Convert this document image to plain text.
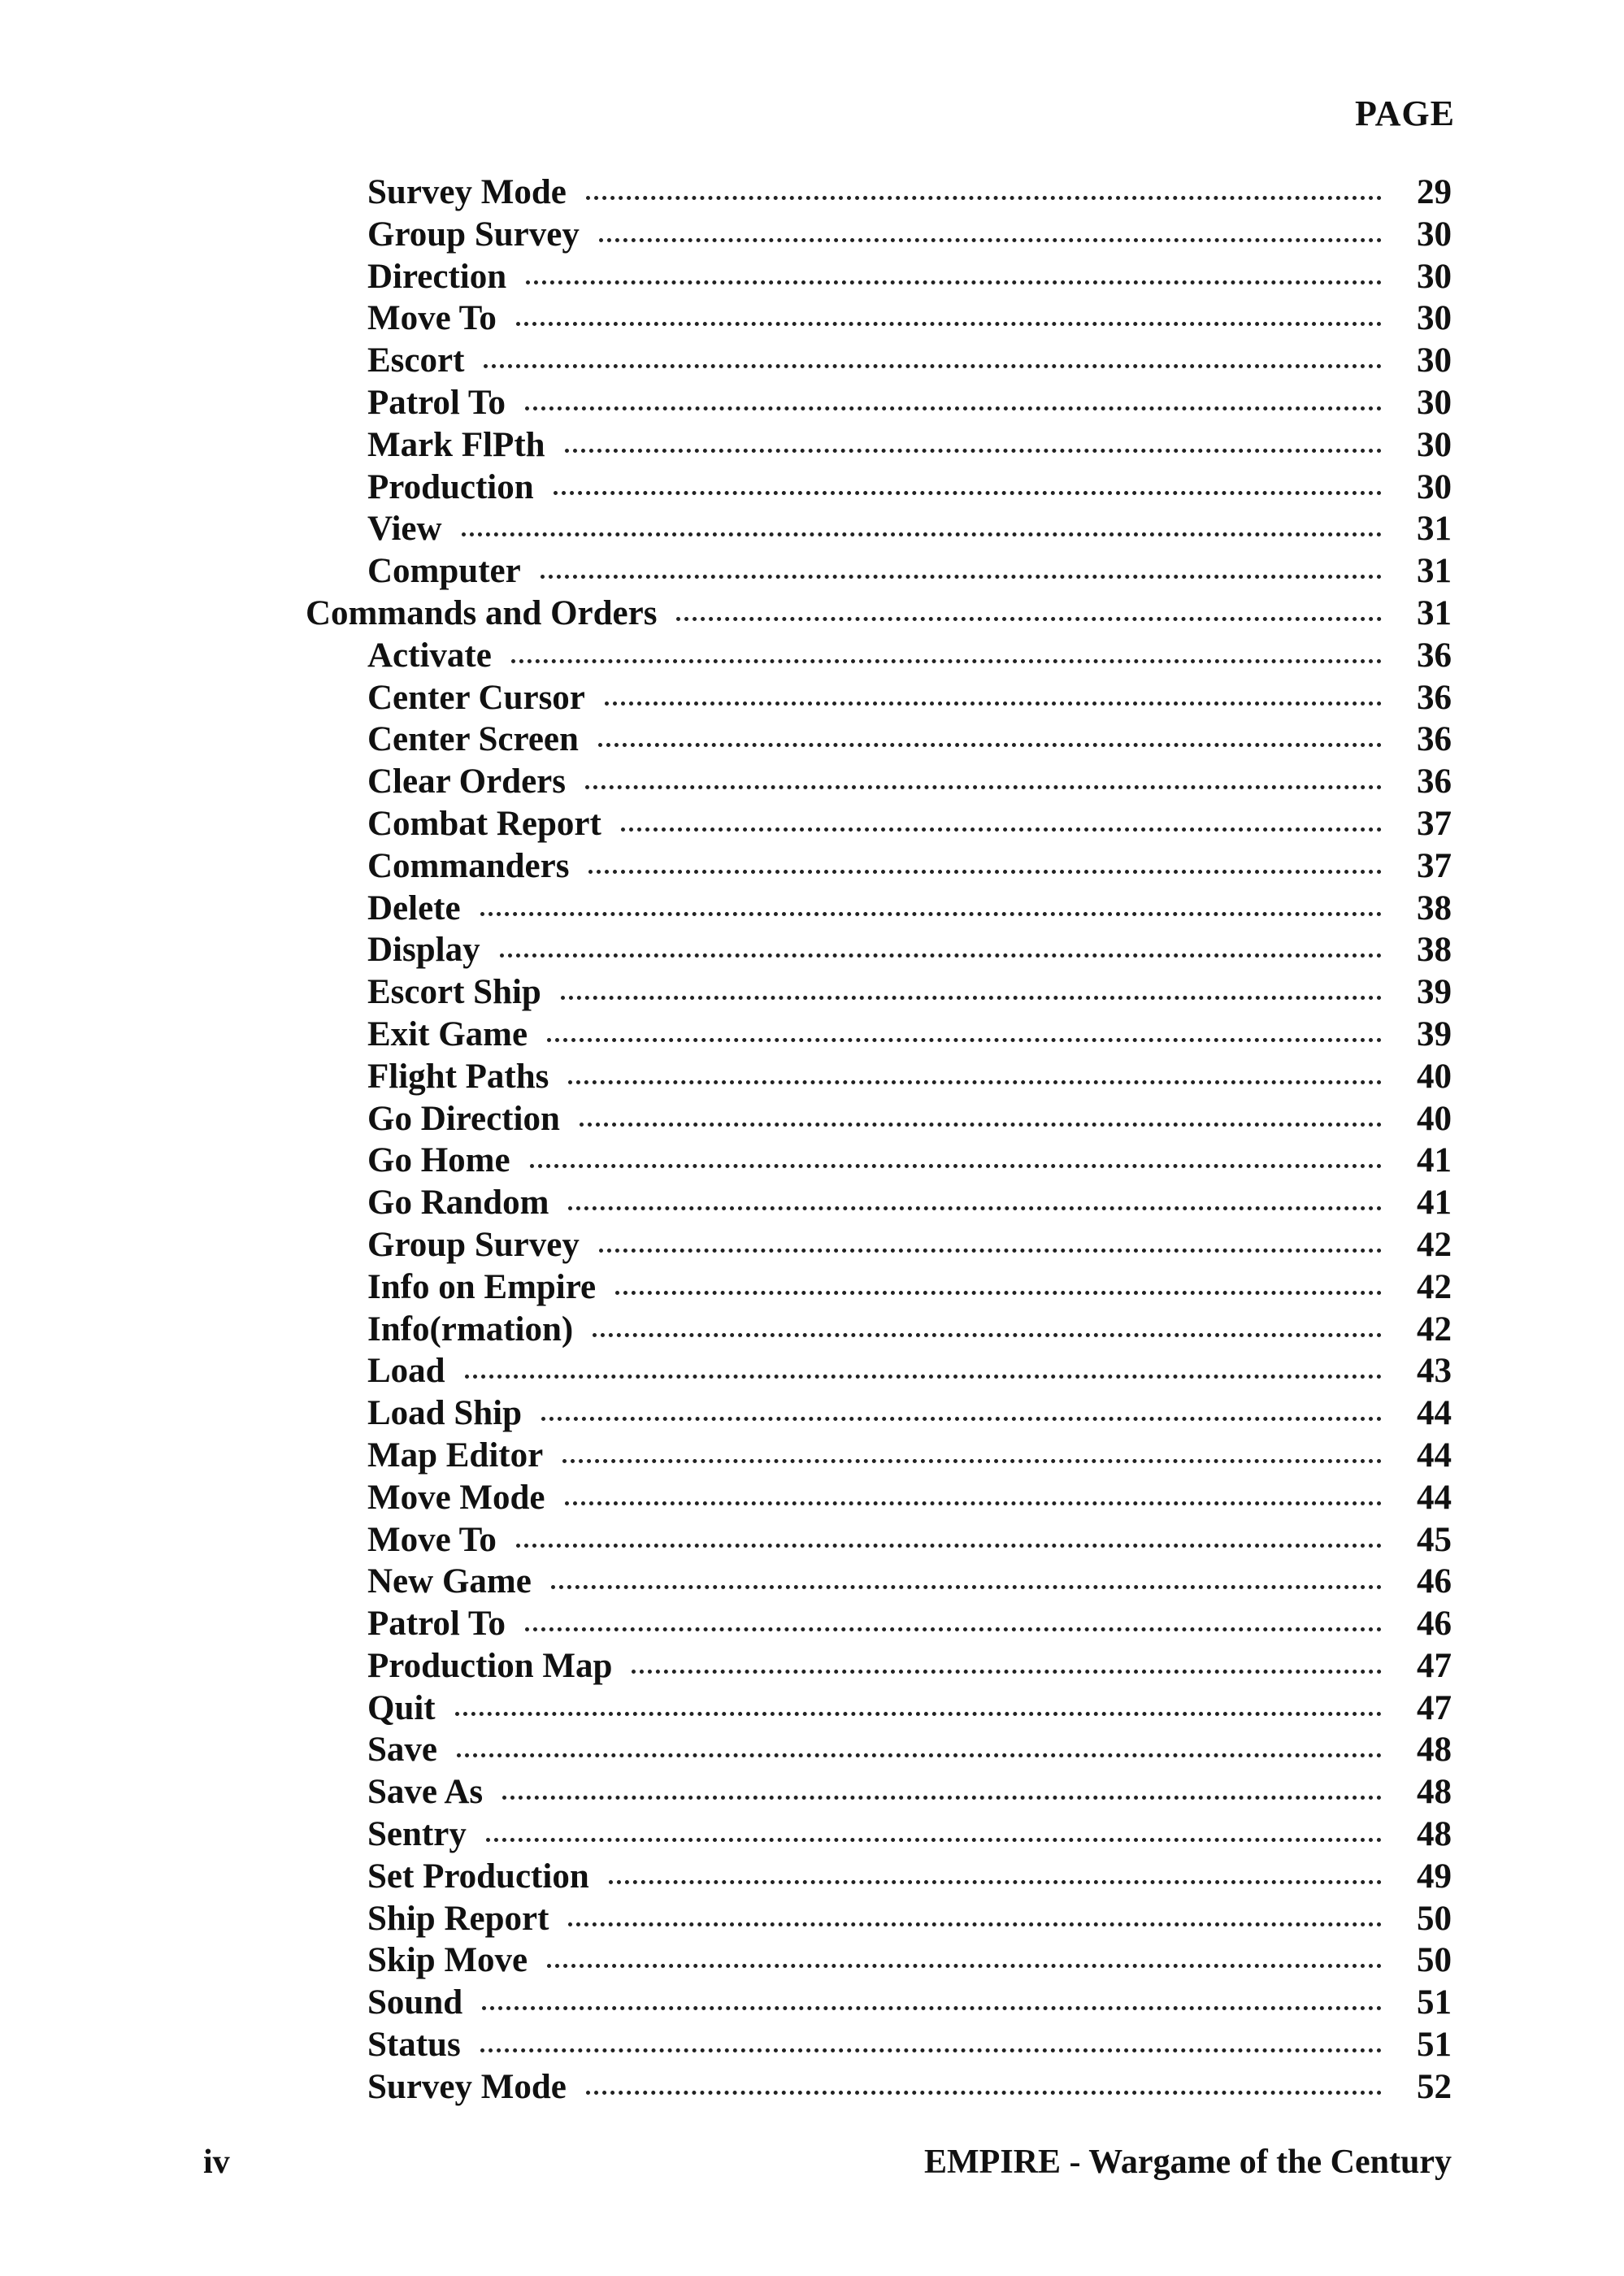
PAGE
Survey Mode	29
Group Survey	30
Direction	30
Move To	30
Escort	30
Patrol To	30
Mark FlPth	30
Production	30
View	31
Computer	31
Commands and Orders	31
Activate	36
Center Cursor	36
Center Screen	36
Clear Orders	36
Combat Report	37
Commanders	37
Delete	38
Display	38
Escort Ship	39
Exit Game	39
Flight Paths	40
Go Direction	40
Go Home	41
Go Random	41
Group Survey	42
Info on Empire	42
Info(rmation)	42
Load	43
Load Ship	44
Map Editor	44
Move Mode	44
Move To	45
New Game	46
Patrol To	46
Production Map	47
Quit	47
Save	48
Save As	48
Sentry	48
Set Production	49
Ship Report	50
Skip Move	50
Sound	51
Status	51
Survey Mode	52
iv	EMPIRE - Wargame of the Century
